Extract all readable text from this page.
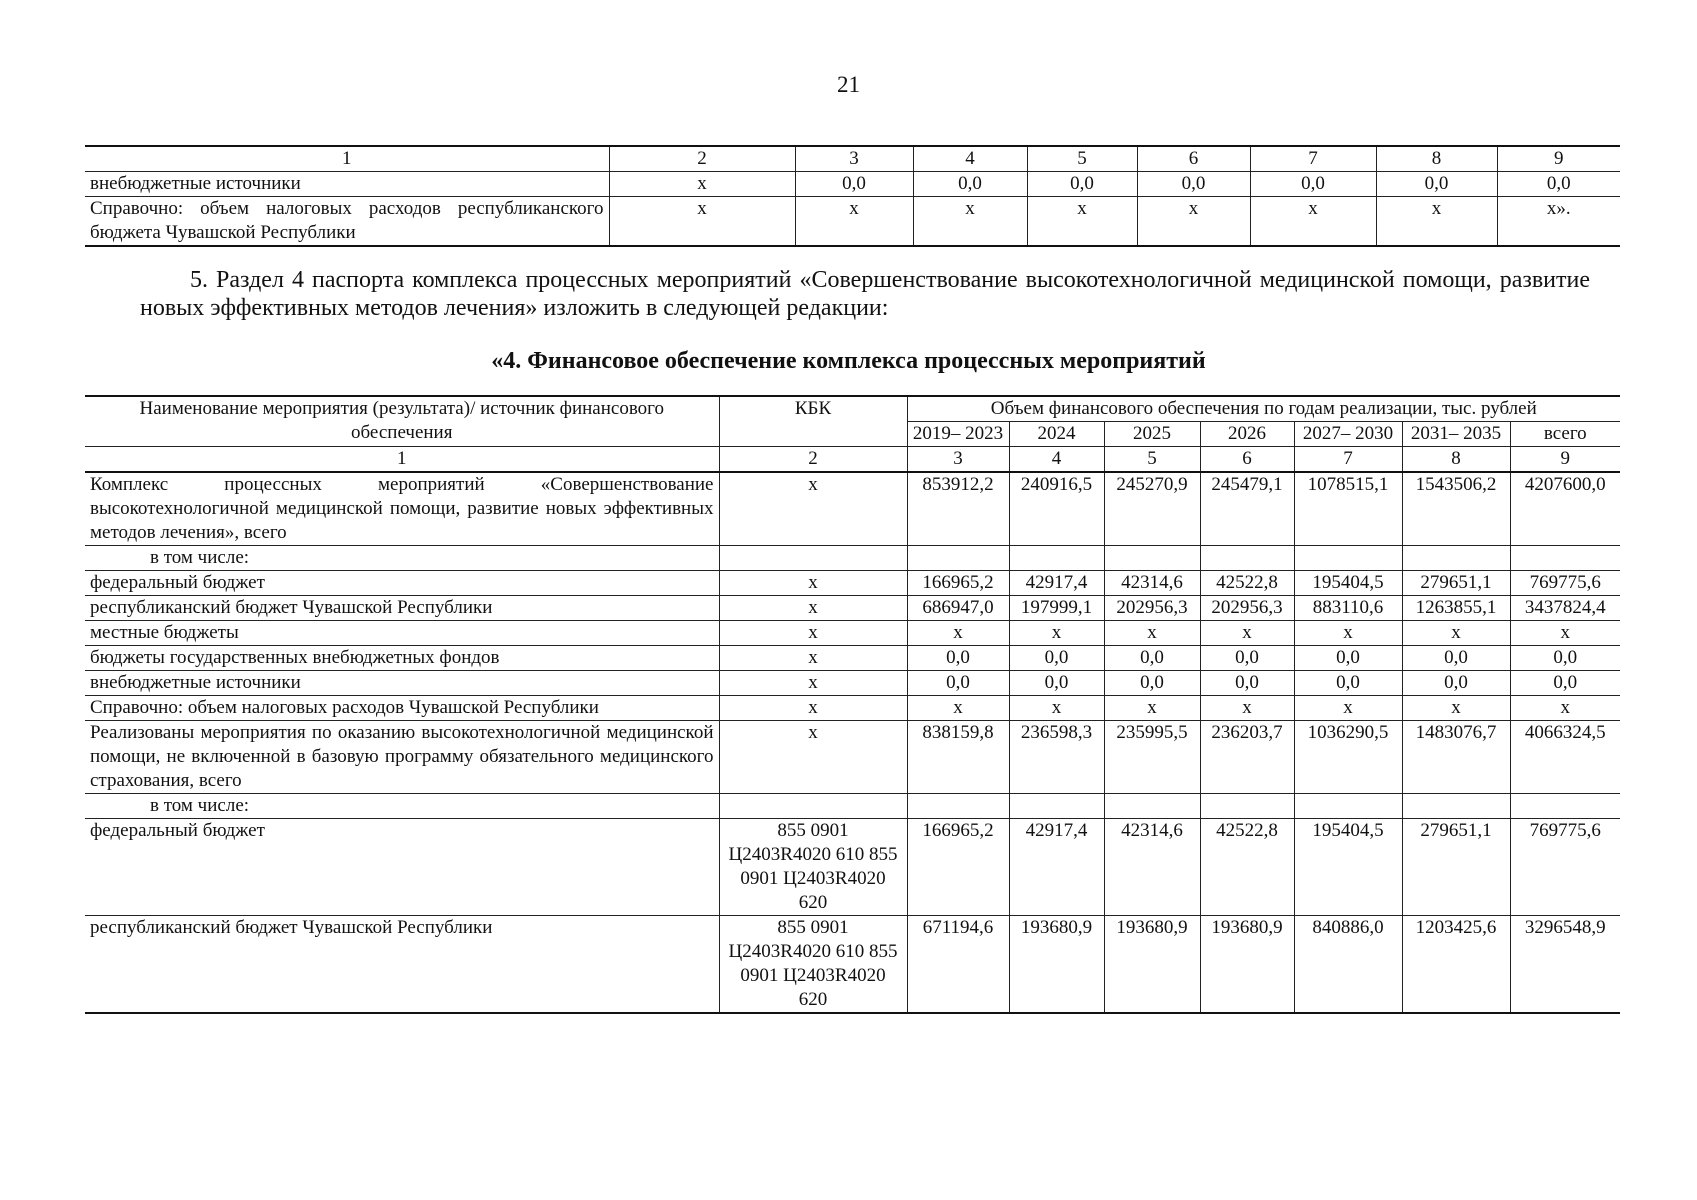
21
1	2	3	4	5	6	7	8	9
внебюджетные источники	x	0,0	0,0	0,0	0,0	0,0	0,0	0,0
Справочно: объем налоговых расходов республиканского бюджета Чувашской Республики	x	x	x	x	x	x	x	x».
5. Раздел 4 паспорта комплекса процессных мероприятий «Совершенствование высокотехнологичной медицинской помощи, развитие новых эффективных методов лечения» изложить в следующей редакции:
«4. Финансовое обеспечение комплекса процессных мероприятий
Наименование мероприятия (результата)/ источник финансового обеспечения	КБК	Объем финансового обеспечения по годам реализации, тыс. рублей						
		2019– 2023	2024	2025	2026	2027– 2030	2031– 2035	всего
1	2	3	4	5	6	7	8	9
Комплекс процессных мероприятий «Совершенствование высокотехнологичной медицинской помощи, развитие новых эффективных методов лечения», всего	x	853912,2	240916,5	245270,9	245479,1	1078515,1	1543506,2	4207600,0
в том числе:								
федеральный бюджет	x	166965,2	42917,4	42314,6	42522,8	195404,5	279651,1	769775,6
республиканский бюджет Чувашской Республики	x	686947,0	197999,1	202956,3	202956,3	883110,6	1263855,1	3437824,4
местные бюджеты	x	x	x	x	x	x	x	x
бюджеты государственных внебюджетных фондов	x	0,0	0,0	0,0	0,0	0,0	0,0	0,0
внебюджетные источники	x	0,0	0,0	0,0	0,0	0,0	0,0	0,0
Справочно: объем налоговых расходов Чувашской Республики	x	x	x	x	x	x	x	x
Реализованы мероприятия по оказанию высокотехнологичной медицинской помощи, не включенной в базовую программу обязательного медицинского страхования, всего	x	838159,8	236598,3	235995,5	236203,7	1036290,5	1483076,7	4066324,5
в том числе:								
федеральный бюджет	855 0901 Ц2403R4020 610 855 0901 Ц2403R4020 620	166965,2	42917,4	42314,6	42522,8	195404,5	279651,1	769775,6
республиканский бюджет Чувашской Республики	855 0901 Ц2403R4020 610 855 0901 Ц2403R4020 620	671194,6	193680,9	193680,9	193680,9	840886,0	1203425,6	3296548,9
